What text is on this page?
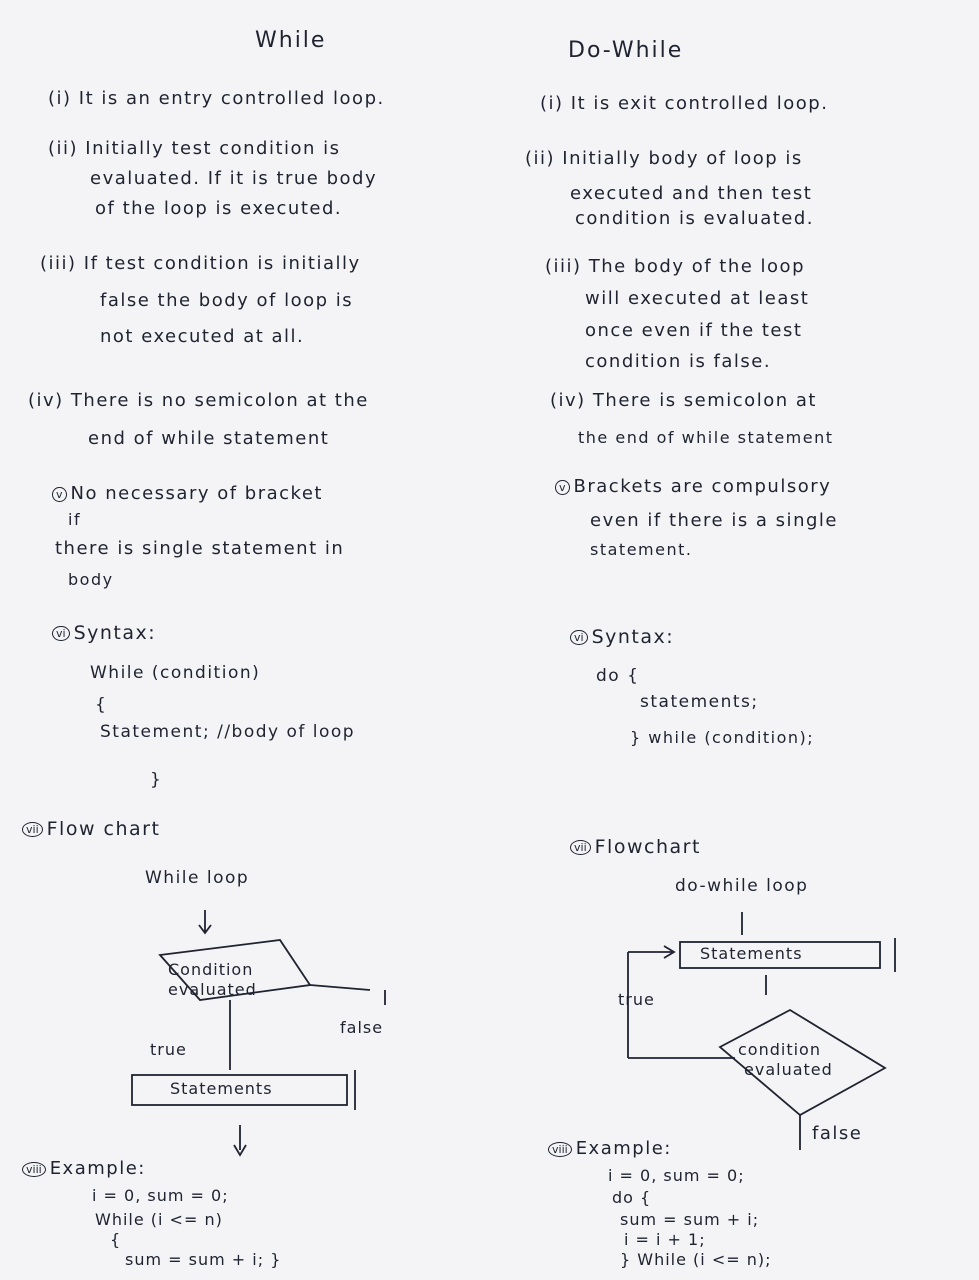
While	Do-While
(i) It is an entry controlled loop.	(i) It is exit controlled loop.
(ii) Initially test condition is
evaluated. If it is true body
of the loop is executed.
(ii) Initially body of loop is
executed and then test
condition is evaluated.
(iii) If test condition is initially
false the body of loop is
not executed at all.
(iii) The body of the loop
will executed at least
once even if the test
condition is false.
(iv) There is no semicolon at the
end of while statement
(iv) There is semicolon at
the end of while statement
v No necessary of bracket
if
there is single statement in
body
v Brackets are compulsory
even if there is a single
statement.
vi Syntax:
While (condition)
{
Statement; //body of loop
}
vi Syntax:
do {
statements;
} while (condition);
vii Flow chart
While loop
vii Flowchart
do-while loop
Condition
evaluated
true
false
Statements
Statements
true
condition
evaluated
false
viii Example:
i = 0, sum = 0;
While (i <= n)
{
sum = sum + i; }
viii Example:
i = 0, sum = 0;
do {
sum = sum + i;
i = i + 1;
} While (i <= n);
